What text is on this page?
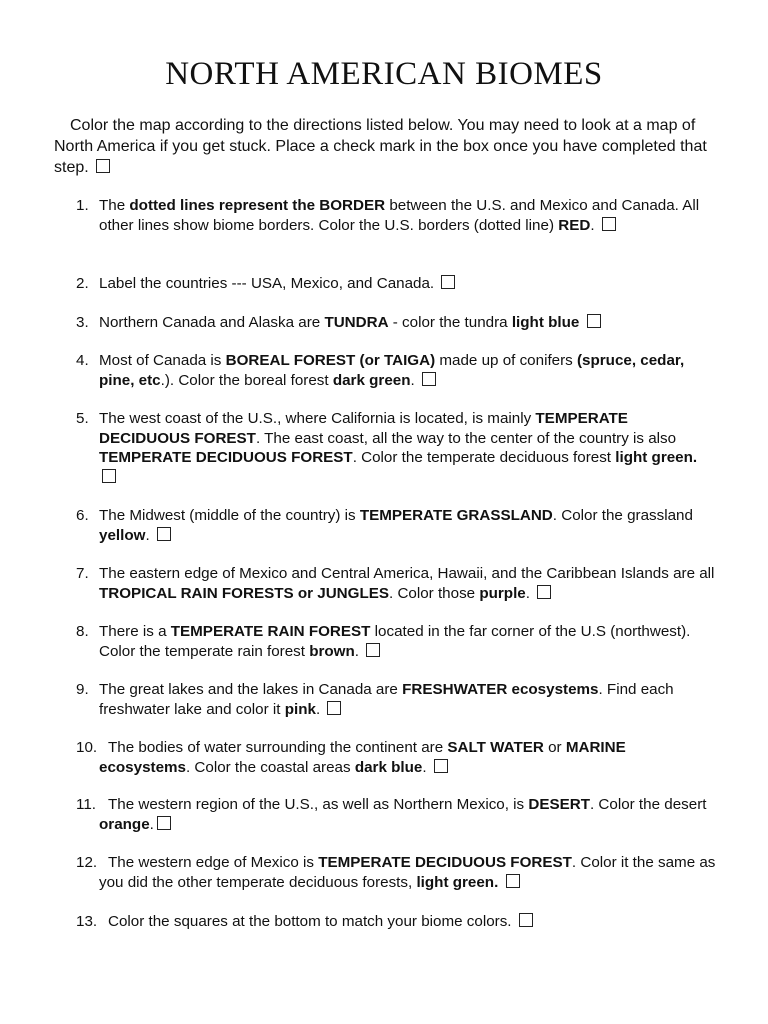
NORTH AMERICAN BIOMES
Color the map according to the directions listed below. You may need to look at a map of North America if you get stuck. Place a check mark in the box once you have completed that step.
1. The dotted lines represent the BORDER between the U.S. and Mexico and Canada. All other lines show biome borders. Color the U.S. borders (dotted line) RED.
2. Label the countries --- USA, Mexico, and Canada.
3. Northern Canada and Alaska are TUNDRA - color the tundra light blue
4. Most of Canada is BOREAL FOREST (or TAIGA) made up of conifers (spruce, cedar, pine, etc.). Color the boreal forest dark green.
5. The west coast of the U.S., where California is located, is mainly TEMPERATE DECIDUOUS FOREST. The east coast, all the way to the center of the country is also TEMPERATE DECIDUOUS FOREST. Color the temperate deciduous forest light green.
6. The Midwest (middle of the country) is TEMPERATE GRASSLAND. Color the grassland yellow.
7. The eastern edge of Mexico and Central America, Hawaii, and the Caribbean Islands are all TROPICAL RAIN FORESTS or JUNGLES. Color those purple.
8. There is a TEMPERATE RAIN FOREST located in the far corner of the U.S (northwest). Color the temperate rain forest brown.
9. The great lakes and the lakes in Canada are FRESHWATER ecosystems. Find each freshwater lake and color it pink.
10. The bodies of water surrounding the continent are SALT WATER or MARINE ecosystems. Color the coastal areas dark blue.
11. The western region of the U.S., as well as Northern Mexico, is DESERT. Color the desert orange.
12. The western edge of Mexico is TEMPERATE DECIDUOUS FOREST. Color it the same as you did the other temperate deciduous forests, light green.
13. Color the squares at the bottom to match your biome colors.
